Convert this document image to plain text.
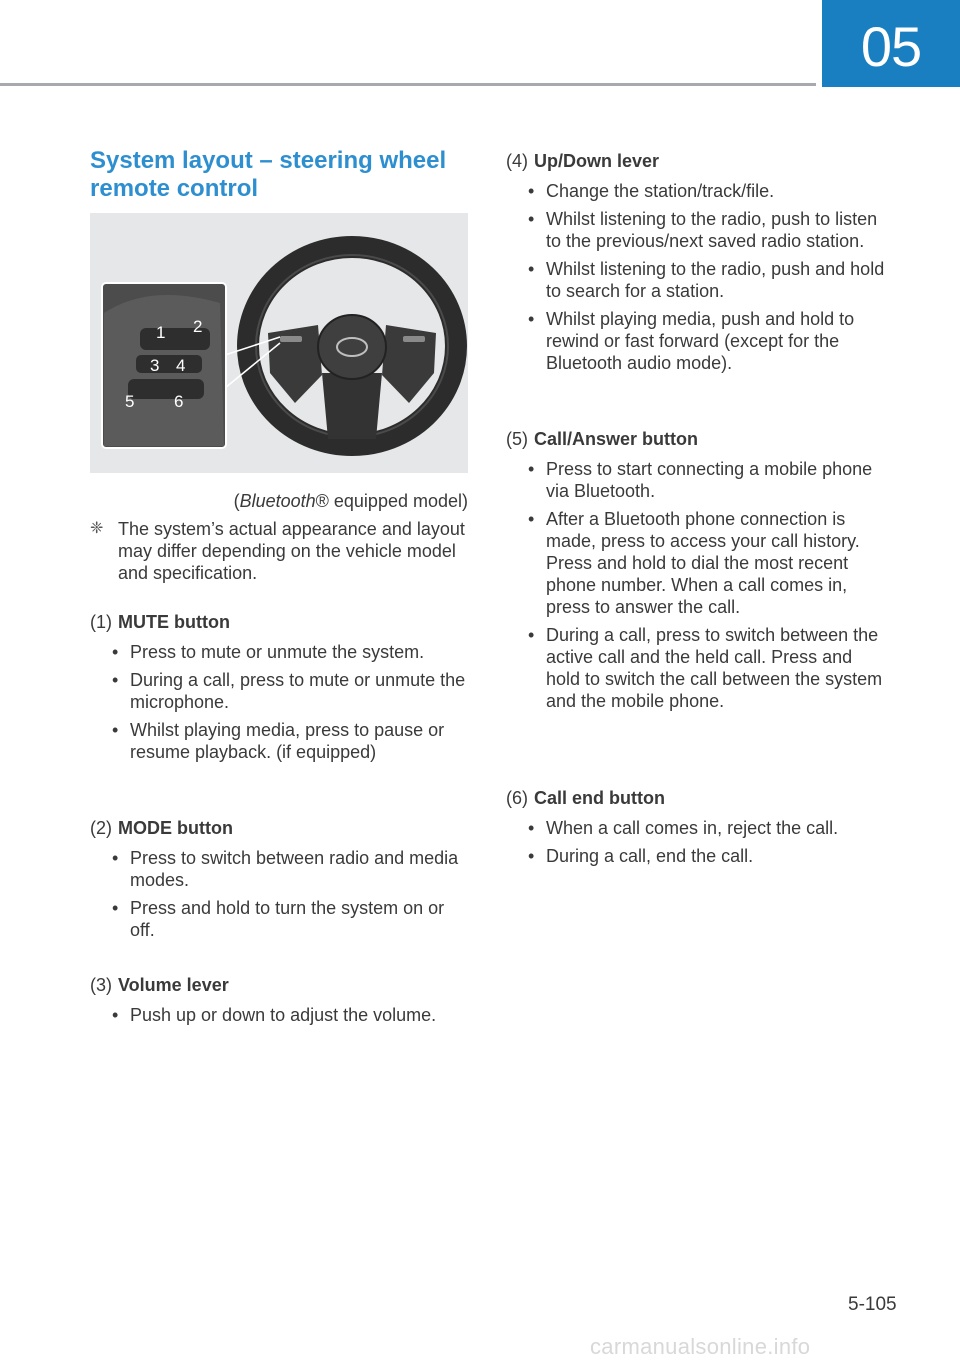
05
System layout – steering wheel remote control
1 2
3 4
5 6
(Bluetooth® equipped model)
❈ The system’s actual appearance and layout may differ depending on the vehicle model and specification.
(1) MUTE button
• Press to mute or unmute the system.
• During a call, press to mute or unmute the microphone.
• Whilst playing media, press to pause or resume playback. (if equipped)
(2) MODE button
• Press to switch between radio and media modes.
• Press and hold to turn the system on or off.
(3) Volume lever
• Push up or down to adjust the volume.
(4) Up/Down lever
• Change the station/track/file.
• Whilst listening to the radio, push to listen to the previous/next saved radio station.
• Whilst listening to the radio, push and hold to search for a station.
• Whilst playing media, push and hold to rewind or fast forward (except for the Bluetooth audio mode).
(5) Call/Answer button
• Press to start connecting a mobile phone via Bluetooth.
• After a Bluetooth phone connection is made, press to access your call history. Press and hold to dial the most recent phone number. When a call comes in, press to answer the call.
• During a call, press to switch between the active call and the held call. Press and hold to switch the call between the system and the mobile phone.
(6) Call end button
• When a call comes in, reject the call.
• During a call, end the call.
5-105
carmanualsonline.info
